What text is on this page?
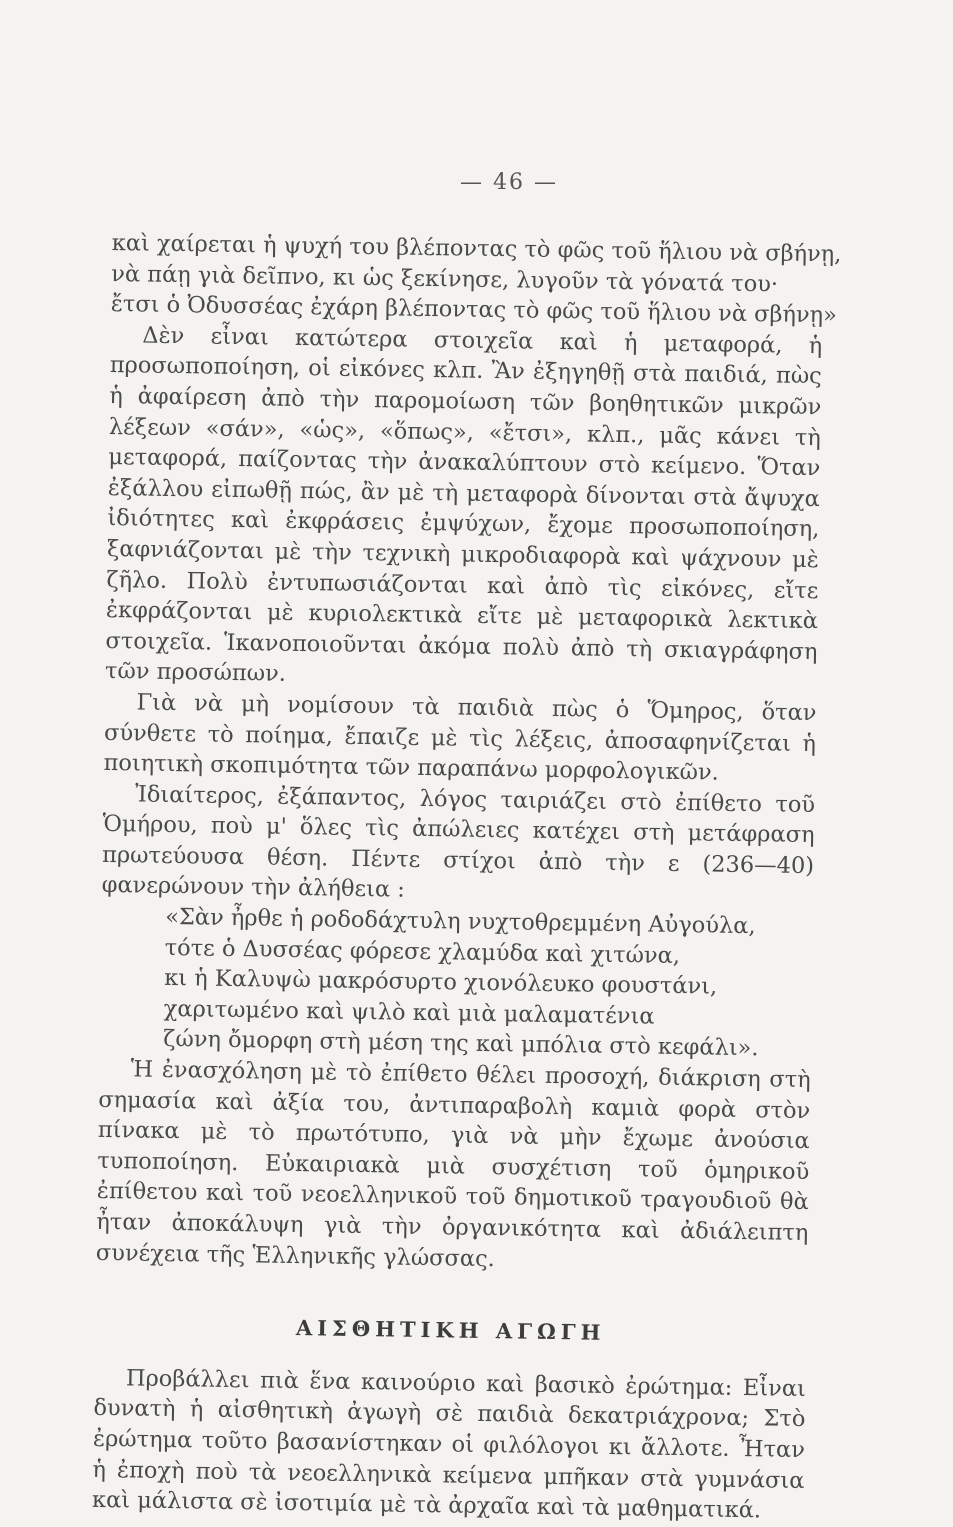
— 46 —
καὶ χαίρεται ἡ ψυχή του βλέποντας τὸ φῶς τοῦ ἥλιου νὰ σβήνῃ,
νὰ πάῃ γιὰ δεῖπνο, κι ὡς ξεκίνησε, λυγοῦν τὰ γόνατά του·
ἔτσι ὁ Ὀδυσσέας ἐχάρη βλέποντας τὸ φῶς τοῦ ἥλιου νὰ σβήνῃ»

Δὲν εἶναι κατώτερα στοιχεῖα καὶ ἡ μεταφορά, ἡ προσωποποίηση, οἱ εἰκόνες κλπ. Ἂν ἐξηγηθῇ στὰ παιδιά, πὼς ἡ ἀφαίρεση ἀπὸ τὴν παρομοίωση τῶν βοηθητικῶν μικρῶν λέξεων «σάν», «ὡς», «ὅπως», «ἔτσι», κλπ., μᾶς κάνει τὴ μεταφορά, παίζοντας τὴν ἀνακαλύπτουν στὸ κείμενο. Ὅταν ἐξάλλου εἰπωθῇ πώς, ἂν μὲ τὴ μεταφορὰ δίνονται στὰ ἄψυχα ἰδιότητες καὶ ἐκφράσεις ἐμψύχων, ἔχομε προσωποποίηση, ξαφνιάζονται μὲ τὴν τεχνικὴ μικροδιαφορὰ καὶ ψάχνουν μὲ ζῆλο. Πολὺ ἐντυπωσιάζονται καὶ ἀπὸ τὶς εἰκόνες, εἴτε ἐκφράζονται μὲ κυριολεκτικὰ εἴτε μὲ μεταφορικὰ λεκτικὰ στοιχεῖα. Ἱκανοποιοῦνται ἀκόμα πολὺ ἀπὸ τὴ σκιαγράφηση τῶν προσώπων.

Γιὰ νὰ μὴ νομίσουν τὰ παιδιὰ πὼς ὁ Ὅμηρος, ὅταν σύνθετε τὸ ποίημα, ἔπαιζε μὲ τὶς λέξεις, ἀποσαφηνίζεται ἡ ποιητικὴ σκοπιμότητα τῶν παραπάνω μορφολογικῶν.

Ἰδιαίτερος, ἐξάπαντος, λόγος ταιριάζει στὸ ἐπίθετο τοῦ Ὁμήρου, ποὺ μ' ὅλες τὶς ἀπώλειες κατέχει στὴ μετάφραση πρωτεύουσα θέση. Πέντε στίχοι ἀπὸ τὴν ε (236—40) φανερώνουν τὴν ἀλήθεια :

«Σὰν ἦρθε ἡ ροδοδάχτυλη νυχτοθρεμμένη Αὐγούλα,
τότε ὁ Δυσσέας φόρεσε χλαμύδα καὶ χιτώνα,
κι ἡ Καλυψὼ μακρόσυρτο χιονόλευκο φουστάνι,
χαριτωμένο καὶ ψιλὸ καὶ μιὰ μαλαματένια
ζώνη ὄμορφη στὴ μέση της καὶ μπόλια στὸ κεφάλι».

Ἡ ἐνασχόληση μὲ τὸ ἐπίθετο θέλει προσοχή, διάκριση στὴ σημασία καὶ ἀξία του, ἀντιπαραβολὴ καμιὰ φορὰ στὸν πίνακα μὲ τὸ πρωτότυπο, γιὰ νὰ μὴν ἔχωμε ἀνούσια τυποποίηση. Εὐκαιριακὰ μιὰ συσχέτιση τοῦ ὁμηρικοῦ ἐπίθετου καὶ τοῦ νεοελληνικοῦ τοῦ δημοτικοῦ τραγουδιοῦ θὰ ἦταν ἀποκάλυψη γιὰ τὴν ὀργανικότητα καὶ ἀδιάλειπτη συνέχεια τῆς Ἑλληνικῆς γλώσσας.

ΑΙΣΘΗΤΙΚΗ ΑΓΩΓΗ

Προβάλλει πιὰ ἕνα καινούριο καὶ βασικὸ ἐρώτημα: Εἶναι δυνατὴ ἡ αἰσθητικὴ ἀγωγὴ σὲ παιδιὰ δεκατριάχρονα; Στὸ ἐρώτημα τοῦτο βασανίστηκαν οἱ φιλόλογοι κι ἄλλοτε. Ἦταν ἡ ἐποχὴ ποὺ τὰ νεοελληνικὰ κείμενα μπῆκαν στὰ γυμνάσια καὶ μάλιστα σὲ ἰσοτιμία μὲ τὰ ἀρχαῖα καὶ τὰ μαθηματικά.
